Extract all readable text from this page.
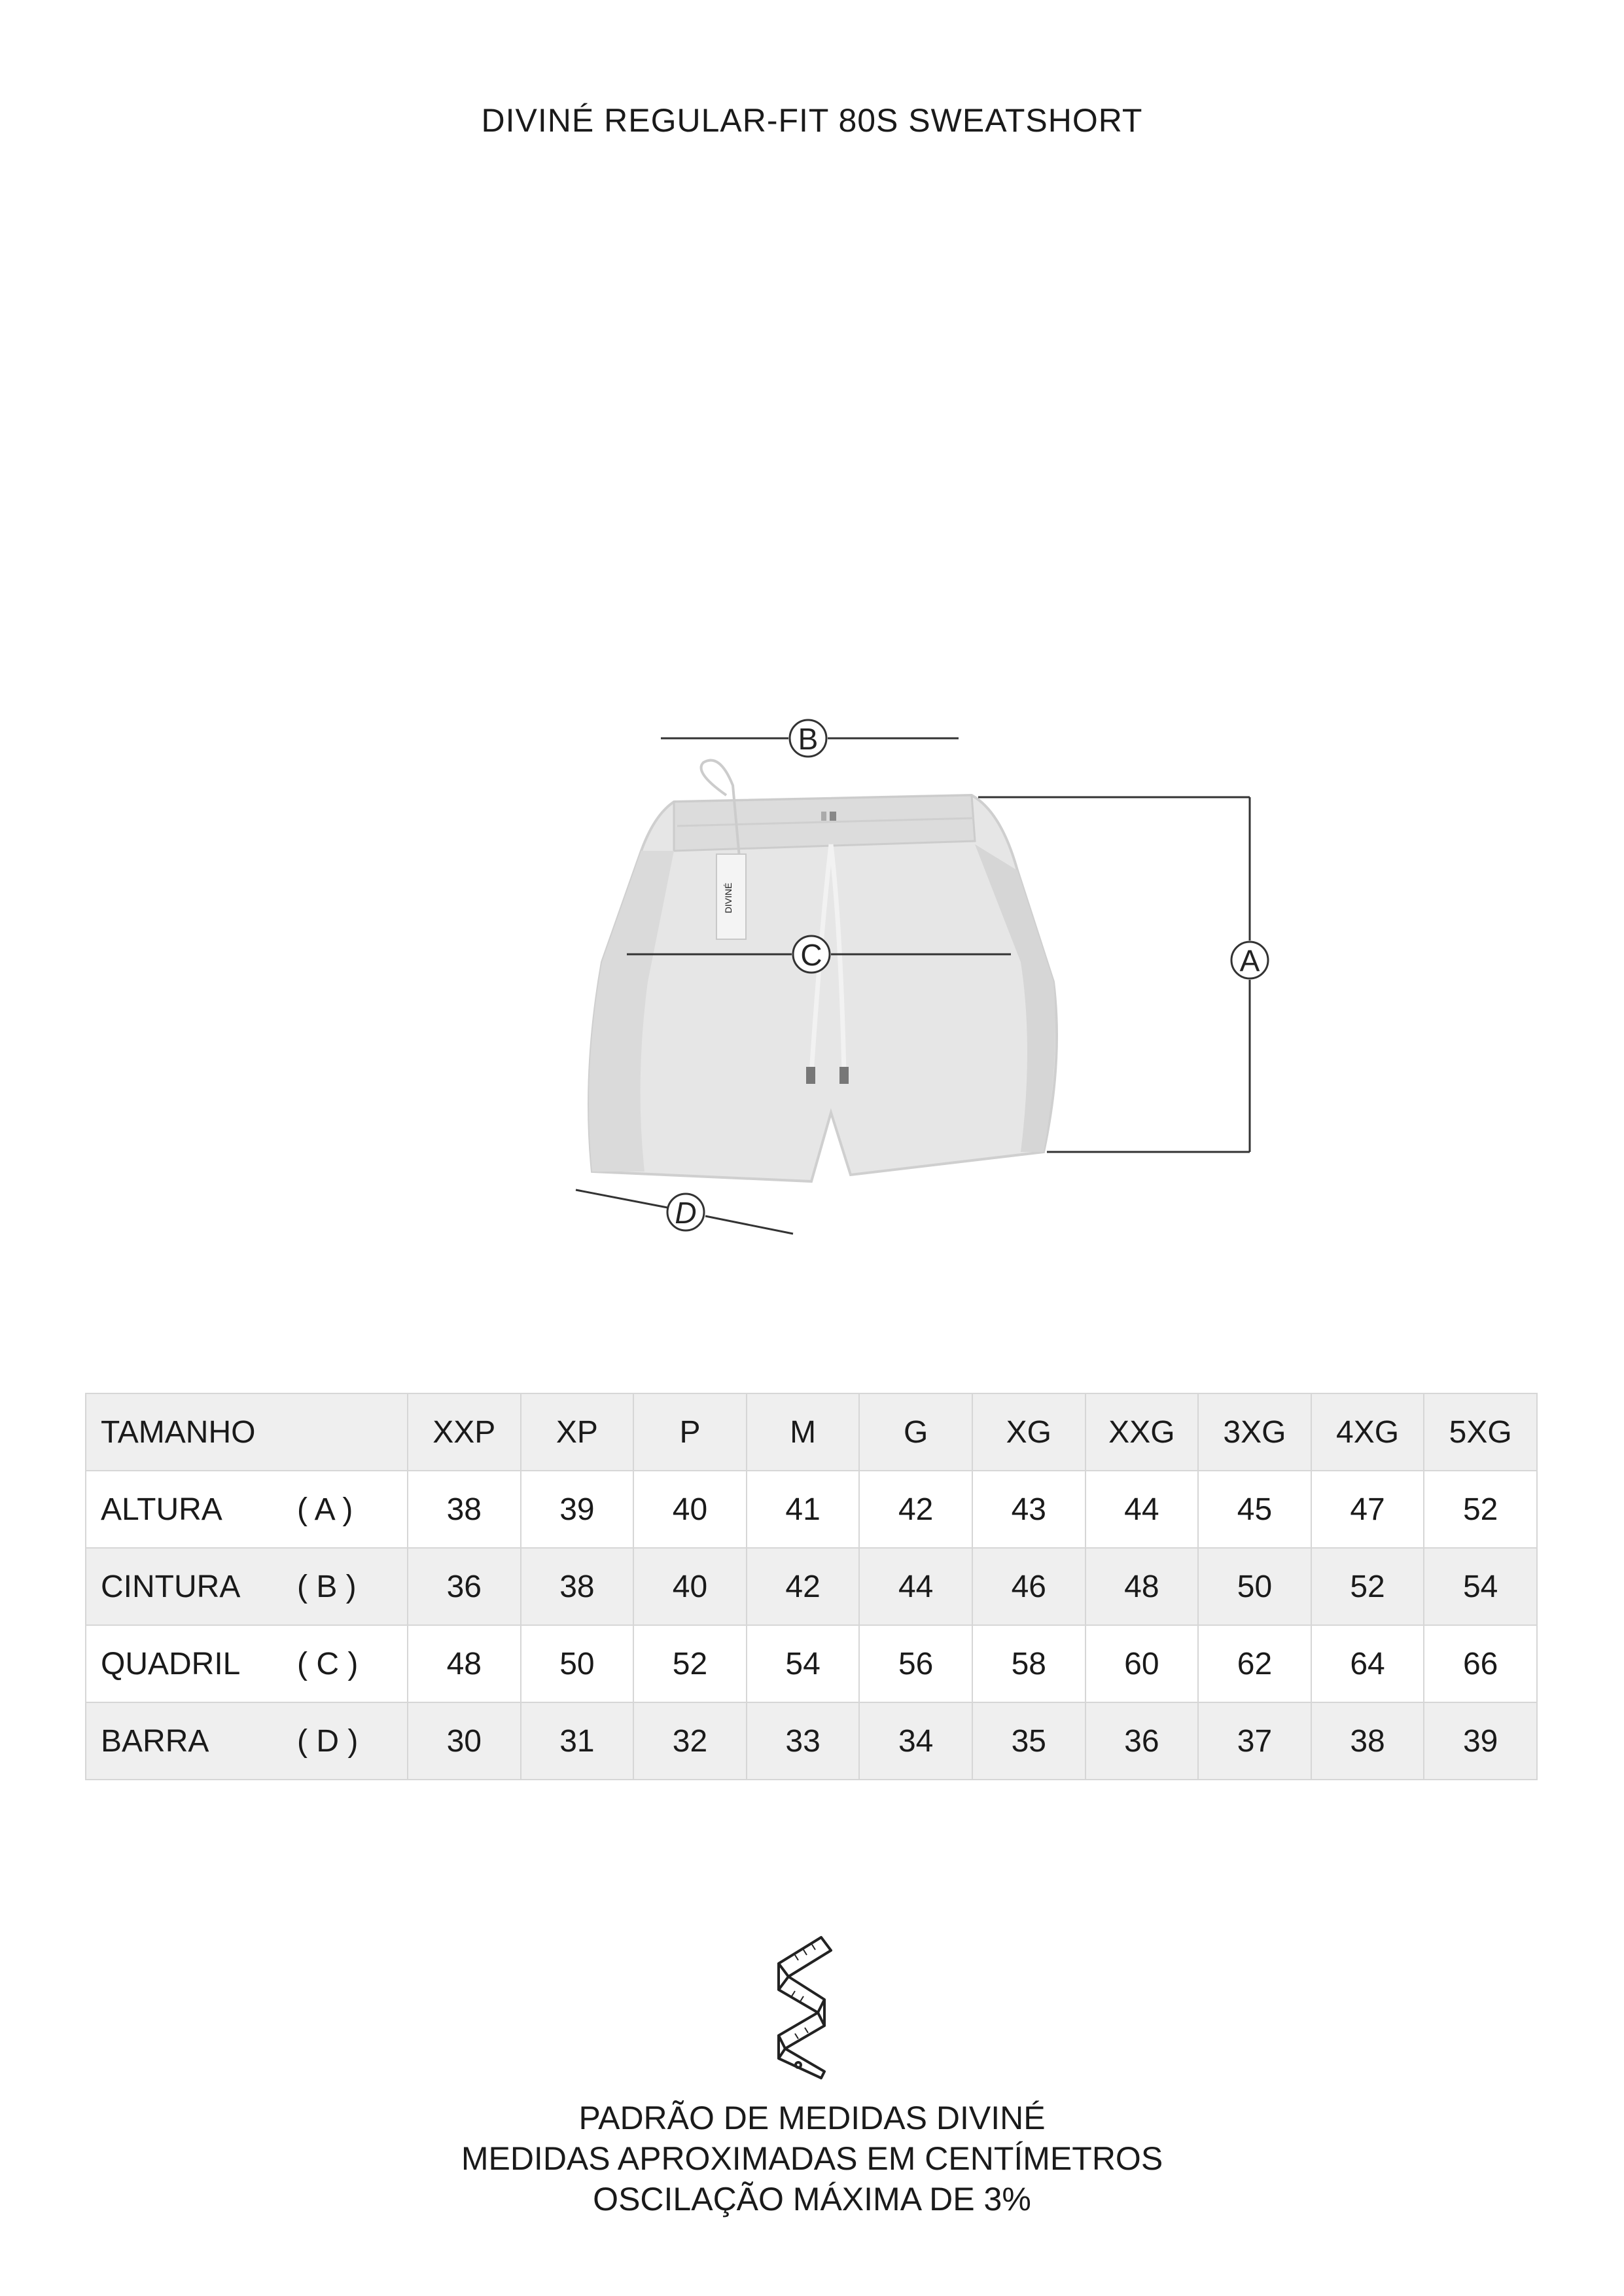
DIVINÉ REGULAR-FIT 80S SWEATSHORT
DIVINÉ
B
A
C
D
TAMANHO	XXP	XP	P	M	G	XG	XXG	3XG	4XG	5XG
ALTURA ( A )	38	39	40	41	42	43	44	45	47	52
CINTURA ( B )	36	38	40	42	44	46	48	50	52	54
QUADRIL ( C )	48	50	52	54	56	58	60	62	64	66
BARRA ( D )	30	31	32	33	34	35	36	37	38	39
PADRÃO DE MEDIDAS DIVINÉ
MEDIDAS APROXIMADAS EM CENTÍMETROS
OSCILAÇÃO MÁXIMA DE 3%
